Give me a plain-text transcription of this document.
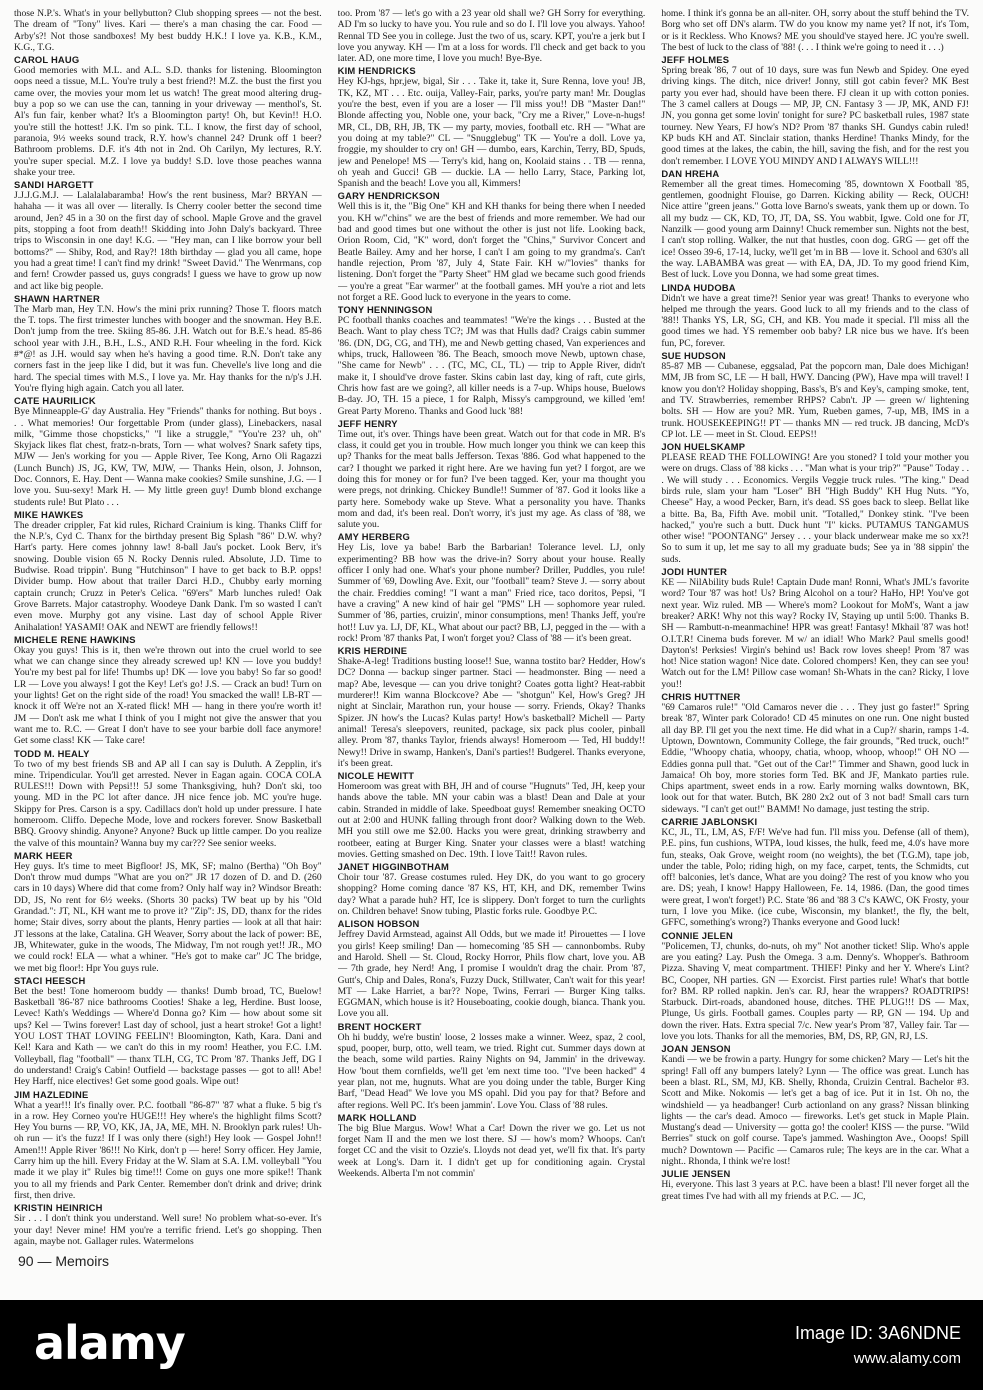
those N.P.'s. What's in your bellybutton? Club shopping sprees — not the best. The dream of "Tony" lives. Kari — there's a man chasing the car. Food — Arby's?! Not those sandboxes! My best buddy H.K.! I love ya. K.B., K.M., K.G., T.G.

CAROL HAUG

Good memories with M.L. and A.L. S.D. thanks for listening. Bloomington oops need a tissue, M.L. You're truly a best friend?! M.Z. the bust the first you came over, the movies your mom let us watch! The great mood altering drug-buy a pop so we can use the can, tanning in your driveway — menthol's, St. Al's fun fair, kenber what? It's a Bloomington party! Oh, but Kevin!! H.O. you're still the hottest! J.K. I'm so pink. T.L. I know, the first day of school, paranoia, 9½ weeks sound track, R.Y. how's channel 24? Drunk off 1 beer? Bathroom problems. D.F. it's 4th not in 2nd. Oh Carilyn, My lectures, R.Y. you're super special. M.Z. I love ya buddy! S.D. love those peaches wanna shake your tree.

SANDI HARGETT

J.J.J.G.M.J. — Lalalalabaramba! How's the rent business, Mar? BRYAN — hahaha — it was all over — literally. Is Cherry cooler better the second time around, Jen? 45 in a 30 on the first day of school. Maple Grove and the gravel pits, stopping a foot from death!! Skidding into John Daly's backyard. Three trips to Wisconsin in one day! K.G. — "Hey man, can I like borrow your bell bottoms?" — Shiby, Rod, and Ray?! 18th birthday — glad you all came, hope you had a great time! I can't find my drink! "Sweet David." The Wenrmans, cop and fern! Crowder passed us, guys congrads! I guess we have to grow up now and act like big people.

SHAWN HARTNER

The Marb man, Hey T.N. How's the mini prix running? Those T. floors match the T. tops. The first trimester lunches with booger and the snowman. Hey B.E. Don't jump from the tree. Skiing 85-86. J.H. Watch out for B.E.'s head. 85-86 school year with J.H., B.H., L.S., AND R.H. Four wheeling in the ford. Kick #*@! as J.H. would say when he's having a good time. R.N. Don't take any corners fast in the jeep like I did, but it was fun. Chevelle's live long and die hard. The special times with M.S., I love ya. Mr. Hay thanks for the n/p's J.H. You're flying high again. Catch you all later.

CATE HAURILICK

Bye Minneapple-G' day Australia. Hey "Friends" thanks for nothing. But boys . . . What memories! Our forgettable Prom (under glass), Linebackers, nasal milk, "Gimme those chopsticks," "I like a struggle," "You're 23? uh, oh" Skyjack likes flat chest, fratz-n-brats, Torn — what wolves? Snark safety tips, MJW — Jen's working for you — Apple River, Tee Kong, Arno Oli Ragazzi (Lunch Bunch) JS, JG, KW, TW, MJW, — Thanks Hein, olson, J. Johnson, Doc. Connors, E. Hay. Dent — Wanna make cookies? Smile sunshine, J.G. — I love you. Suu-sexy! Mark H. — My little green guy! Dumb blond exchange students rule! But Plato . . .

MIKE HAWKES

The dreader crippler, Fat kid rules, Richard Crainium is king. Thanks Cliff for the N.P.'s, Cyd C. Thanx for the birthday present Big Splash "86" D.W. why? Hart's party. Here comes johnny law! 8-ball Jau's pocket. Look Berv, it's snowing. Double vision 65 N. Rocky Dennis ruled. Absolute, J.D. Time to Budwise. Road trippin'. Bung "Hutchinson" I have to get back to B.P. opps! Divider bump. How about that trailer Darci H.D., Chubby early morning captain crunch; Cruzz in Peter's Celica. "69'ers" Marb lunches ruled! Oak Grove Barrets. Major catastrophy. Woodeye Dank Dank. I'm so wasted I can't even move. Murphy got any visine. Last day of school Apple River Anihalation! YASAMI! OAK and NEWT are friendly fellows!!

MICHELE RENE HAWKINS

Okay you guys! This is it, then we're thrown out into the cruel world to see what we can change since they already screwed up! KN — love you buddy! You're my best pal for life! Thumbs up! DK — love you baby! So far so good! LR — Love you always! I got the Key! Let's go! J.S. — Crack an bud! Turn on your lights! Get on the right side of the road! You smacked the wall! LB-RT — knock it off We're not an X-rated flick! MH — hang in there you're worth it! JM — Don't ask me what I think of you I might not give the answer that you want me to. R.C. — Great I don't have to see your barbie doll face anymore! Get some class! KK — Take care!

TODD M. HEALY

To two of my best friends SB and AP all I can say is Duluth. A Zepplin, it's mine. Tripendicular. You'll get arrested. Never in Eagan again. COCA COLA RULES!!! Down with Pepsi!!! 5J some Thanksgiving, huh? Don't ski, too young. MD in the PC lot after dance. JH nice fence job. MC you're huge. Skippy for Pres. Carson is a spy. Cadillacs don't hold up under pressure. I hate homeroom. Cliffo. Depeche Mode, love and rockers forever. Snow Basketball BBQ. Groovy shindig. Anyone? Anyone? Buck up little camper. Do you realize the valve of this mountain? Wanna buy my car??? See senior weeks.

MARK HEER

Hey guys. It's time to meet Bigfloor! JS, MK, SF; malno (Bertha) "Oh Boy" Don't throw mud dumps "What are you on?" JR 17 dozen of D. and D. (260 cars in 10 days) Where did that come from? Only half way in? Windsor Breath: DD, JS, No rent for 6½ weeks. (Shorts 30 packs) TW beat up by his "Old Grandad.": JT, NL, KH want me to prove it? "Zip": JS, DD, thanx for the rides home; Stair dives, sorry about the plants, Henry parties — look at all that hair: JT lessons at the lake, Catalina. GH Weaver, Sorry about the lack of power: BE, JB, Whitewater, guke in the woods, The Midway, I'm not rough yet!! JR., MO we could rock! ELA — what a whiner. "He's got to make car" JC The bridge, we met big floor!: Hpr You guys rule.

STACI HEESCH

Bet the best! Tone homeroom buddy — thanks! Dumb broad, TC, Buelow! Basketball '86-'87 nice bathrooms Cooties! Shake a leg, Herdine. Bust loose, Levec! Kath's Weddings — Where'd Donna go? Kim — how about some sit ups? Kel — Twins forever! Last day of school, just a heart stroke! Got a light! YOU LOST THAT LOVING FEELIN'! Bloomington, Kath, Kara. Dani and Kel! Kara and Kath — we can't do this in my room! Heather, you F.C. I.M. Volleyball, flag "football" — thanx TLH, CG, TC Prom '87. Thanks Jeff, DG I do understand! Craig's Cabin! Outfield — backstage passes — got to all! Abe! Hey Harff, nice electives! Get some good goals. Wipe out!

JIM HAZLEDINE

What a year!!! It's finally over. P.C. football "86-87" '87 what a fluke. 5 big t's in a row. Hey Corneo you're HUGE!!! Hey where's the highlight films Scott? Hey You burns — RP, VO, KK, JA, JA, ME, MH. N. Brooklyn park rules! Uh-oh run — it's the fuzz! If I was only there (sigh!) Hey look — Gospel John!! Amen!!! Apple River '86!!! No Kirk, don't p — here! Sorry officer. Hey Jamie, Carry him up the hill. Every Friday at the W. Slam at S.A. I.M. volleyball "You made it we play it" Rules big time!!! Come on guys one more spike!! Thank you to all my friends and Park Center. Remember don't drink and drive; drink first, then drive.

KRISTIN HEINRICH

Sir . . . I don't think you understand. Well sure! No problem what-so-ever. It's your day! Never mine! HM you're a terrific friend. Let's go shopping. Then again, maybe not. Gallager rules. Watermelons

too. Prom '87 — let's go with a 23 year old shall we? GH Sorry for everything. AD I'm so lucky to have you. You rule and so do I. I'll love you always. Yahoo! Rennal TD See you in college. Just the two of us, scary. KPT, you're a jerk but I love you anyway. KH — I'm at a loss for words. I'll check and get back to you later. AD, one more time, I love you much! Bye-Bye.

KIM HENDRICKS

Hey KJ-hgs, hpr,jew, bigal, Sir . . . Take it, take it, Sure Renna, love you! JB, TK, KZ, MT . . . Etc. ouija, Valley-Fair, parks, you're party man! Mr. Douglas you're the best, even if you are a loser — I'll miss you!! DB "Master Dan!" Blonde affecting you, Noble one, your back, "Cry me a River," Love-n-hugs! MR, CL, DB, RH, JB, TK — my party, movies, football etc. RH — "What are you doing at my table?" CL — "Snugglebug" TK — You're a doll. Love ya, froggie, my shoulder to cry on! GH — dumbo, ears, Karchin, Terry, BD, Spuds, jew and Penelope! MS — Terry's kid, hang on, Koolaid stains . . TB — renna, oh yeah and Gucci! GB — duckie. LA — hello Larry, Stace, Parking lot, Spanish and the beach! Love you all, Kimmers!

GARY HENDRICKSON

Well this is it, the "Big One" KH and KH thanks for being there when I needed you. KH w/"chins" we are the best of friends and more remember. We had our bad and good times but one without the other is just not life. Looking back, Orion Room, Cid, "K" word, don't forget the "Chins," Survivor Concert and Beatle Bailey. Amy and her horse, I can't I am going to my grandma's. Can't handle rejection, Prom '87, July 4, State Fair. KH w/"lovies" thanks for listening. Don't forget the "Party Sheet" HM glad we became such good friends — you're a great "Ear warmer" at the football games. MH you're a riot and lets not forget a RE. Good luck to everyone in the years to come.

TONY HENNINGSON

PC football thanks coaches and teammates! "We're the kings . . . Busted at the Beach. Want to play chess TC?; JM was that Hulls dad? Craigs cabin summer '86. (DN, DG, CG, and TH), me and Newb getting chased, Van experiences and whips, truck, Halloween '86. The Beach, smooch move Newb, uptown chase, "She came for Newb" . . . (TC, MC, CL, TL) — trip to Apple River, didn't make it, I should've drove faster. Skins cabin last day, king of raft, cute girls, Chris how fast are we going?, all killer needs is a 7-up. Whips house, Buelows B-day. JO, TH. 15 a piece, 1 for Ralph, Missy's campground, we killed 'em! Great Party Moreno. Thanks and Good luck '88!

JEFF HENRY

Time out, it's over. Things have been great. Watch out for that code in MR. B's class, it could get you in trouble. How much longer you think we can keep this up? Thanks for the meat balls Jefferson. Texas '886. God what happened to the car? I thought we parked it right here. Are we having fun yet? I forgot, are we doing this for money or for fun? I've been tagged. Ker, your ma thought you were pregs, not drinking. Chickey Bundle!! Summer of '87. God it looks like a party here. Somebody wake up Steve. What a personality you have. Thanks mom and dad, it's been real. Don't worry, it's just my age. As class of '88, we salute you.

AMY HERBERG

Hey Lis, love ya babe! Barb the Barbarian! Tolerance level. LJ, only experimenting? BB how was the drive-in? Sorry about your house. Really officer I only had one. What's your phone number? Driller, Puddles, you rule! Summer of '69, Dowling Ave. Exit, our "football" team? Steve J. — sorry about the chair. Freddies coming! "I want a man" Fried rice, taco doritos, Pepsi, "I have a craving" A new kind of hair gel "PMS" LH — sophomore year ruled. Summer of '86, parties, cruizin', minor consumptions, men! Thanks Jeff, you're hot!! Luv ya. LJ, DF, KL, What about our pact? BB, LJ, pegged in the — with a rock! Prom '87 thanks Pat, I won't forget you? Class of '88 — it's been great.

KRIS HERDINE

Shake-A-leg! Traditions busting loose!! Sue, wanna tostito bar? Hedder, How's DC? Donna — backup singer partner. Staci — headmonster. Bing — need a map? Abe, levesque — can you drive tonight? Coates gotta light? Heat-rabbit murderer!! Kim wanna Blockcove? Abe — "shotgun" Kel, How's Greg? JH night at Sinclair, Marathon run, your house — sorry. Friends, Okay? Thanks Spizer. JN how's the Lucas? Kulas party! How's basketball? Michell — Party animal! Teresa's sleepovers, reunited, package, six pack plus cooler, pinball alley. Prom '87, thanks Taylor, friends always! Homeroom — Ted, HI buddy!! Newy!! Drive in swamp, Hanken's, Dani's parties!! Budgerel. Thanks everyone, it's been great.

NICOLE HEWITT

Homeroom was great with BH, JH and of course "Hugnuts" Ted, JH, keep your hands above the table. MN your cabin was a blast! Dean and Dale at your cabin. Stranded in middle of lake. Speedboat guys! Remember sneaking OCTO out at 2:00 and HUNK falling through front door? Walking down to the Web. MH you still owe me $2.00. Hacks you were great, drinking strawberry and rootbeer, eating at Burger King. Snater your classes were a blast! watching movies. Getting smashed on Dec. 19th. I love Tait!! Ravon rules.

JANET HIGGINBOTHAM

Choir tour '87. Grease costumes ruled. Hey DK, do you want to go grocery shopping? Home coming dance '87 KS, HT, KH, and DK, remember Twins day? What a parade huh? HT, Ice is slippery. Don't forget to turn the curlights on. Children behave! Snow tubing, Plastic forks rule. Goodbye P.C.

ALISON HOBSON

Jeffrey David Armstead, against All Odds, but we made it! Pirouettes — I love you girls! Keep smiling! Dan — homecoming '85 SH — cannonbombs. Ruby and Harold. Shell — St. Cloud, Rocky Horror, Phils flow chart, love you. AB — 7th grade, hey Nerd! Ang, I promise I wouldn't drag the chair. Prom '87, Gutt's, Chip and Dales, Rona's, Fuzzy Duck, Stillwater, Can't wait for this year! MT — Lake Harriet, a bar?? Nope, Twins, Ferrari — Burger King talks. EGGMAN, which house is it? Houseboating, cookie dough, bianca. Thank you. Love you all.

BRENT HOCKERT

Oh hi buddy, we're bustin' loose, 2 losses make a winner. Weez, spaz, 2 cool, spud, pooper, burp, otto, well team, we tried. Right cut. Summer days down at the beach, some wild parties. Rainy Nights on 94, Jammin' in the driveway. How 'bout them cornfields, we'll get 'em next time too. "I've been hacked" 4 year plan, not me, hugnuts. What are you doing under the table, Burger King Barf, "Dead Head" We love you MS opahl. Did you pay for that? Before and after regions. Well PC. It's been jammin'. Love You. Class of '88 rules.

MARK HOLLAND

The big Blue Margus. Wow! What a Car! Down the river we go. Let us not forget Nam II and the men we lost there. SJ — how's mom? Whoops. Can't forget CC and the visit to Ozzie's. Lloyds not dead yet, we'll fix that. It's party week at Long's. Darn it. I didn't get up for conditioning again. Crystal Weekends. Alberta I'm not commin'

home. I think it's gonna be an all-niter. OH, sorry about the stuff behind the TV. Borg who set off DN's alarm. TW do you know my name yet? If not, it's Tom, or is it Reckless. Who Knows? ME you should've stayed here. JC you're swell. The best of luck to the class of '88! (. . . I think we're going to need it . . .)

JEFF HOLMES

Spring break '86, 7 out of 10 days, sure was fun Newb and Spidey. One eyed driving kings. The ditch, nice driver! Jonny, still got cabin fever? MK Best party you ever had, should have been there. FJ clean it up with cotton ponies. The 3 camel callers at Dougs — MP, JP, CN. Fantasy 3 — JP, MK, AND FJ! JN, you gonna get some lovin' tonight for sure? PC basketball rules, 1987 state tourney. New Years, FJ how's ND? Prom '87 thanks SH. Gundys cabin ruled! KP buds KH and AT. Sinclair station, thanks Herdine! Thanks Mindy, for the good times at the lakes, the cabin, the hill, saving the fish, and for the rest you don't remember. I LOVE YOU MINDY AND I ALWAYS WILL!!!

DAN HREHA

Remember all the great times. Homecoming '85, downtown X Football '85, gentlemen, goodnight Flouise, go Darren. Kicking ability — Reck, OUCH! Nice attire "green jeans." Gotta love Barno's sweats, yank them up or down. To all my budz — CK, KD, TO, JT, DA, SS. You wabbit, Igwe. Cold one for JT, Nanzilk — good young arm Dainny! Chuck remember sun. Nights not the best, I can't stop rolling. Walker, the nut that hustles, coon dog. GRG — get off the ice! Osseo 39-6, 17-14, lucky, we'll get 'm in BB — love it. School and 630's all the way. LABAMBA was great — with EA, DA, JD. To my good friend Kim, Best of luck. Love you Donna, we had some great times.

LINDA HUDOBA

Didn't we have a great time?! Senior year was great! Thanks to everyone who helped me through the years. Good luck to all my friends and to the class of '88!! Thanks YS, LR, SG, CH, and KB. You made it special. I'll miss all the good times we had. YS remember oob baby? LR nice bus we have. It's been fun, PC, forever.

SUE HUDSON

85-87 MB — Cubanese, eggsalad, Pat the popcorn man, Dale does Michigan! MM, JB from SC, LE — H ball, HWY. Dancing (PW), Have mpa will travel! I know you don't? Holiday shopping, Bass's, B's and Key's, camping smoke, tent, and TV. Strawberries, remember RHPS? Cabn't. JP — green w/ lightening bolts. SH — How are you? MR. Yum, Rueben games, 7-up, MB, IMS in a trunk. HOUSEKEEPING!! PT — thanks MN — red truck. JB dancing, McD's CP lot. LE — meet in St. Cloud. EEPS!!

JON HUELSKAMP

PLEASE READ THE FOLLOWING! Are you stoned? I told your mother you were on drugs. Class of '88 kicks . . . "Man what is your trip?" "Pause" Today . . . We will study . . . Economics. Vergils Veggie truck rules. "The king." Dead birds rule, slam your ham "Loser" BH "High Buddy" KH Hug Nuts. "Yo, Cheese" Hay, a wood Pecker, Barn, it's dead. SS goes back to sleep. Bellat like a bitte. Ba, Ba, Fifth Ave. mobil unit. "Totalled," Donkey stink. "I've been hacked," you're such a butt. Duck hunt "I" kicks. PUTAMUS TANGAMUS other wise! "POONTANG" Jersey . . . your black underwear make me so xx?! So to sum it up, let me say to all my graduate buds; See ya in '88 sippin' the suds.

JODI HUNTER

KE — NilAbility buds Rule! Captain Dude man! Ronni, What's JML's favorite word? Tour '87 was hot! Us? Bring Alcohol on a tour? HaHo, HP! You've got next year. Wiz ruled. MB — Where's mom? Lookout for MoM's, Want a jaw breaker? ARK! Why not this way? Rocky IV, Staying up until 5:00. Thanks B. SH — Rambutt-n-meanmachine! HPR was great! Fantasy! Mkhail '87 was hot! O.I.T.R! Cinema buds forever. M w/ an idial! Who Mark? Paul smells good! Dayton's! Perksies! Virgin's behind us! Back row loves sheep! Prom '87 was hot! Nice station wagon! Nice date. Colored chompers! Ken, they can see you! Watch out for the LM! Pillow case woman! Sh-Whats in the can? Ricky, I love you!!

CHRIS HUTTNER

"69 Camaros rule!" "Old Camaros never die . . . They just go faster!" Spring break '87, Winter park Colorado! CD 45 minutes on one run. One night busted all day BP. I'll get you the next time. He did what in a Cup?/ sharin, ramps 1-4. Uptown, Downtown, Community College, the fair grounds, "Red truck, ouch!" Eddie, "Whoopy chatia, whoopy, chatia, whoop, whoop, whoop!" OH NO — Eddies gonna pull that. "Get out of the Car!" Timmer and Shawn, good luck in Jamaica! Oh boy, more stories form Ted. BK and JF, Mankato parties rule. Chips apartment, sweet ends in a row. Early morning walks downtown, BK, look out for that water. Butch, BK 280 2x2 out of 3 not bad! Small cars turn sideways. "I can't get out!" BAMM! No damage, just testing the strip.

CARRIE JABLONSKI

KC, JL, TL, LM, AS, F/F! We've had fun. I'll miss you. Defense (all of them), P.E. pins, fun cushions, WTPA, loud kisses, the hulk, feed me, 4.0's have more fun, steaks, Oak Grove, weight room (no weights), the bet (T.G.M), tape job, under the table, Polo; riding high, on my face, carpet, tents, the Schmidts, cut off! balconies, let's dance, What are you doing? The rest of you know who you are. DS; yeah, I know! Happy Halloween, Fe. 14, 1986. (Dan, the good times were great, I won't forget!) P.C. State '86 and '88 3 C's KAWC, OK Frosty, your turn, I love you Mike. (ice cube, Wisconsin, my blanket!, the fly, the belt, GFFC, something's wrong?) Thanks everyone and Good luck!

CONNIE JELEN

"Policemen, TJ, chunks, do-nuts, oh my" Not another ticket! Slip. Who's apple are you eating? Lay. Push the Omega. 3 a.m. Denny's. Whopper's. Bathroom Pizza. Shaving V, meat compartment. THIEF! Pinky and her Y. Where's Lint? BC, Cooper, NH parties. GN — Exorcist. First parties rule! What's that bottle for? BM. RP rolled napkin. Jen's car. RJ, hear the wrappers? ROADTRIPS! Starbuck. Dirt-roads, abandoned house, ditches. THE PLUG!!! DS — Max, Plunge, Us girls. Football games. Couples party — RP, GN — 194. Up and down the river. Hats. Extra special 7/c. New year's Prom '87, Valley fair. Tar — love you lots. Thanks for all the memories, BM, DS, RP, GN, RJ, LS.

JOAN JENSON

Kandi — we be frowin a party. Hungry for some chicken? Mary — Let's hit the spring! Fall off any bumpers lately? Lynn — The office was great. Lunch has been a blast. RL, SM, MJ, KB. Shelly, Rhonda, Cruizin Central. Bachelor #3. Scott and Mike. Nokomis — let's get a bag of ice. Put it in 1st. Oh no, the windshield — ya headbanger! Curb actionland on any grass? Nissan blinking lights — the car's dead. Amoco — fireworks. Let's get stuck in Maple Plain. Mustang's dead — University — gotta go! the cooler! KISS — the purse. "Wild Berries" stuck on golf course. Tape's jammed. Washington Ave., Ooops! Spill much? Downtown — Pacific — Camaros rule; The keys are in the car. What a night.. Rhonda, I think we're lost!

JULIE JENSEN

Hi, everyone. This last 3 years at P.C. have been a blast! I'll never forget all the great times I've had with all my friends at P.C. — JC,

90 — Memoirs
alamy	Image ID: 3A6NDNE
www.alamy.com
